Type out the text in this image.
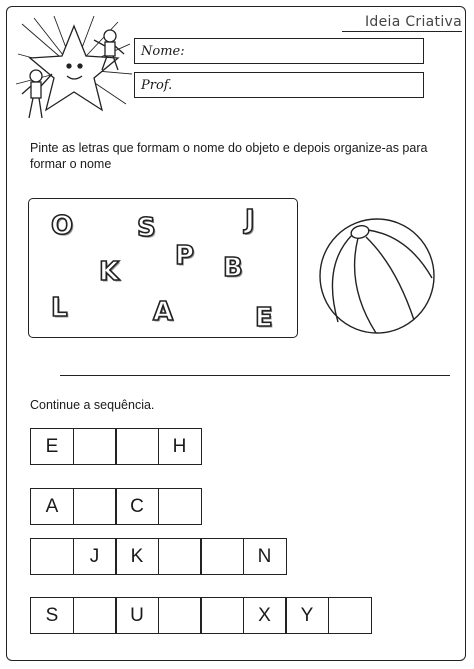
Ideia Criativa
Nome:
Prof.
Pinte as letras que formam o nome do objeto e depois organize-as para formar o nome
O S	J
K
P B
L	A	E
Continue a sequência.
E	H
A	C
J	K	N
S	U	X	Y
